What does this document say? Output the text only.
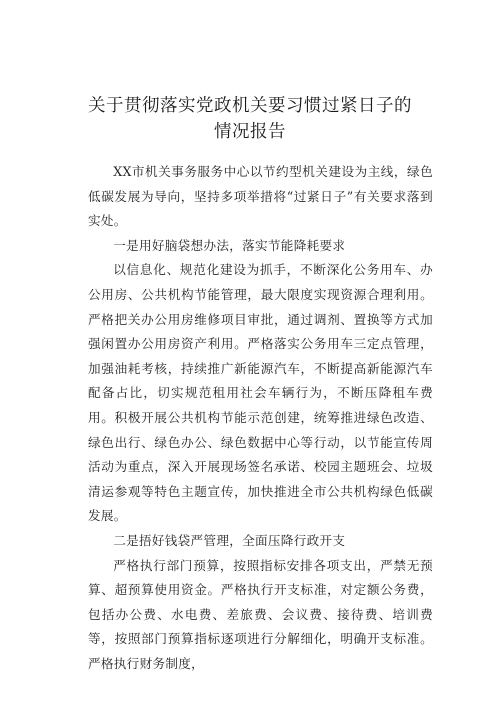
关于贯彻落实党政机关要习惯过紧日子的
情况报告

XX市机关事务服务中心以节约型机关建设为主线，绿色低碳发展为导向，坚持多项举措将“过紧日子”有关要求落到实处。

一是用好脑袋想办法，落实节能降耗要求

以信息化、规范化建设为抓手，不断深化公务用车、办公用房、公共机构节能管理，最大限度实现资源合理利用。严格把关办公用房维修项目审批，通过调剂、置换等方式加强闲置办公用房资产利用。严格落实公务用车三定点管理，加强油耗考核，持续推广新能源汽车，不断提高新能源汽车配备占比，切实规范租用社会车辆行为，不断压降租车费用。积极开展公共机构节能示范创建，统筹推进绿色改造、绿色出行、绿色办公、绿色数据中心等行动，以节能宣传周活动为重点，深入开展现场签名承诺、校园主题班会、垃圾清运参观等特色主题宣传，加快推进全市公共机构绿色低碳发展。

二是捂好钱袋严管理，全面压降行政开支

严格执行部门预算，按照指标安排各项支出，严禁无预算、超预算使用资金。严格执行开支标准，对定额公务费，包括办公费、水电费、差旅费、会议费、接待费、培训费等，按照部门预算指标逐项进行分解细化，明确开支标准。严格执行财务制度，
